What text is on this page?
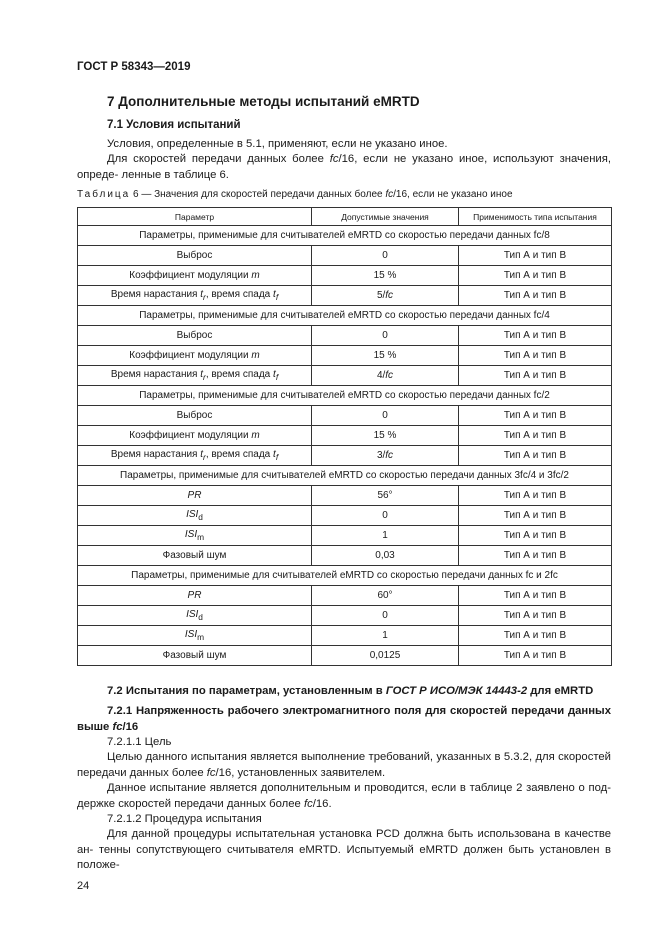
ГОСТ Р 58343—2019
7 Дополнительные методы испытаний eMRTD
7.1 Условия испытаний
Условия, определенные в 5.1, применяют, если не указано иное.
Для скоростей передачи данных более fc/16, если не указано иное, используют значения, опреде- ленные в таблице 6.
Таблица 6 — Значения для скоростей передачи данных более fc/16, если не указано иное
Параметр	Допустимые значения	Применимость типа испытания
Параметры, применимые для считывателей eMRTD со скоростью передачи данных fc/8		
Выброс	0	Тип А и тип В
Коэффициент модуляции m	15 %	Тип А и тип В
Время нарастания $t_r$, время спада $t_f$	5/fc	Тип А и тип В
Параметры, применимые для считывателей eMRTD со скоростью передачи данных fc/4		
Выброс	0	Тип А и тип В
Коэффициент модуляции m	15 %	Тип А и тип В
Время нарастания $t_r$, время спада $t_f$	4/fc	Тип А и тип В
Параметры, применимые для считывателей eMRTD со скоростью передачи данных fc/2		
Выброс	0	Тип А и тип В
Коэффициент модуляции m	15 %	Тип А и тип В
Время нарастания $t_r$, время спада $t_f$	3/fc	Тип А и тип В
Параметры, применимые для считывателей eMRTD со скоростью передачи данных 3fc/4 и 3fc/2		
PR	56°	Тип А и тип В
$ISI_d$	0	Тип А и тип В
$ISI_m$	1	Тип А и тип В
Фазовый шум	0,03	Тип А и тип В
Параметры, применимые для считывателей eMRTD со скоростью передачи данных fc и 2fc		
PR	60°	Тип А и тип В
$ISI_d$	0	Тип А и тип В
$ISI_m$	1	Тип А и тип В
Фазовый шум	0,0125	Тип А и тип В
7.2 Испытания по параметрам, установленным в ГОСТ Р ИСО/МЭК 14443-2 для eMRTD
7.2.1 Напряженность рабочего электромагнитного поля для скоростей передачи данных выше fc/16
7.2.1.1 Цель
Целью данного испытания является выполнение требований, указанных в 5.3.2, для скоростей передачи данных более fc/16, установленных заявителем.
Данное испытание является дополнительным и проводится, если в таблице 2 заявлено о под- держке скоростей передачи данных более fc/16.
7.2.1.2 Процедура испытания
Для данной процедуры испытательная установка PCD должна быть использована в качестве ан- тенны сопутствующего считывателя eMRTD. Испытуемый eMRTD должен быть установлен в положе-
24
